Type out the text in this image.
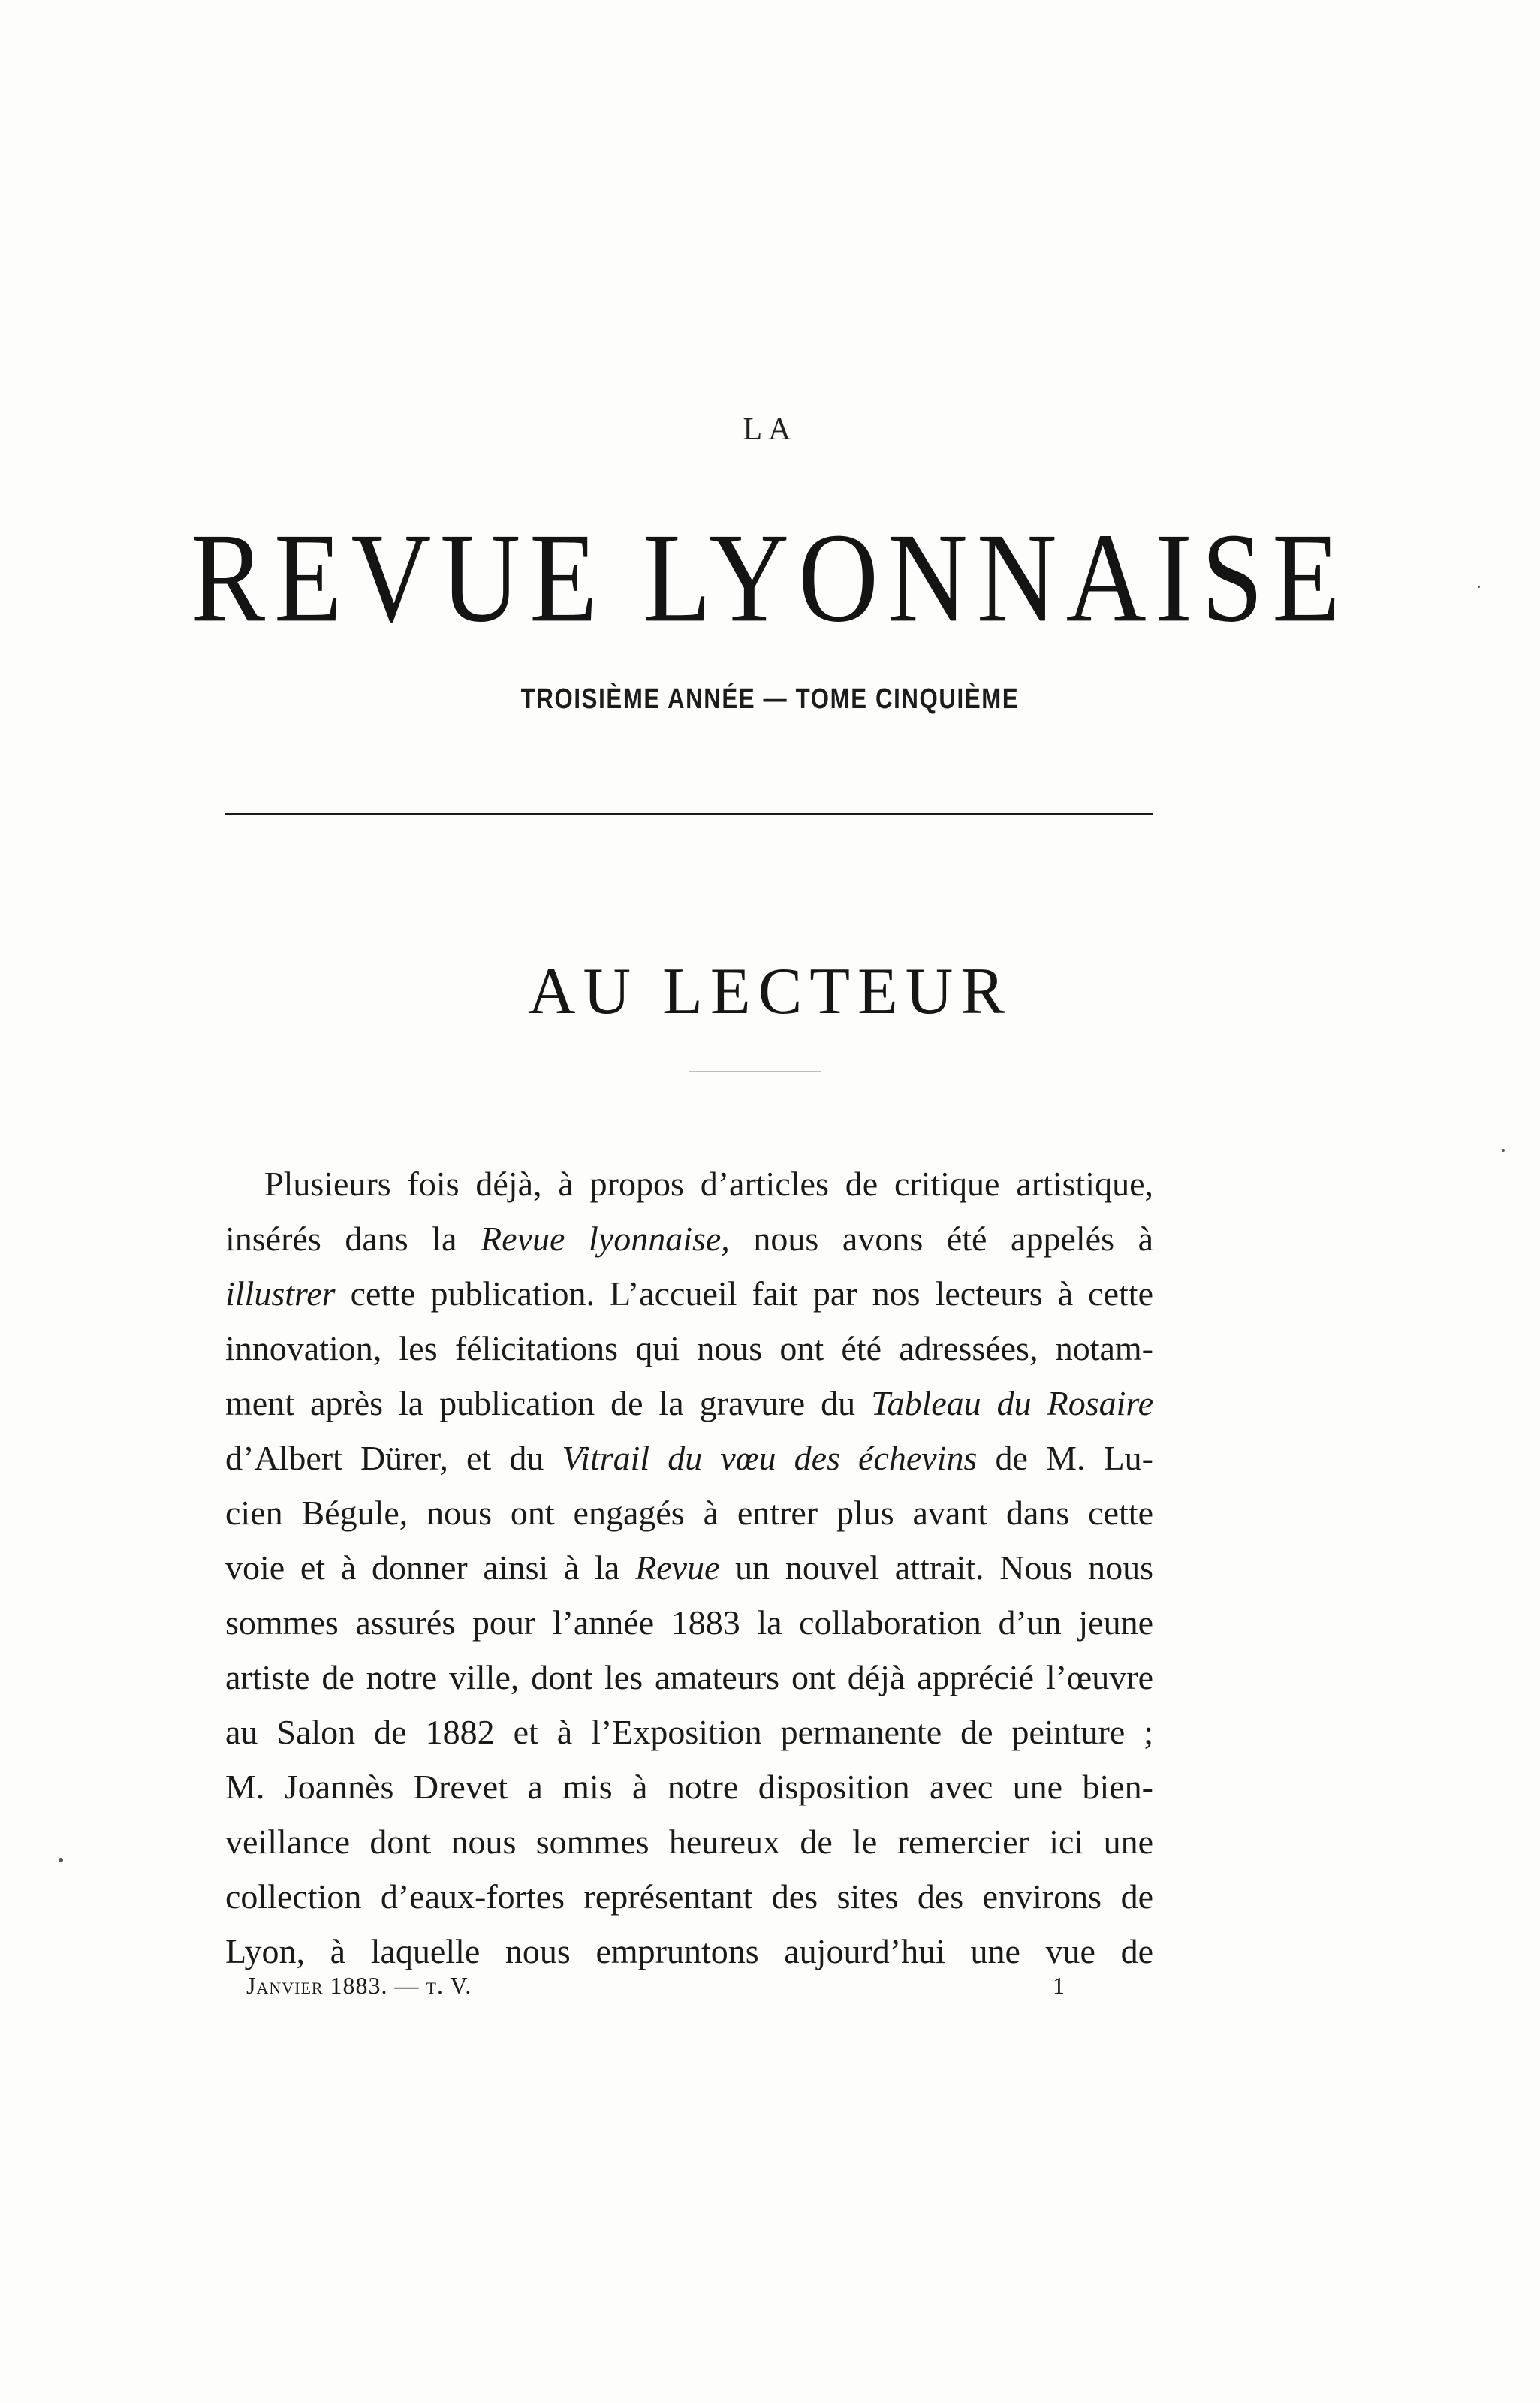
LA
REVUE LYONNAISE
TROISIÈME ANNÉE — TOME CINQUIÈME
AU LECTEUR
Plusieurs fois déjà, à propos d’articles de critique artistique,
insérés dans la Revue lyonnaise, nous avons été appelés à
illustrer cette publication. L’accueil fait par nos lecteurs à cette
innovation, les félicitations qui nous ont été adressées, notam-
ment après la publication de la gravure du Tableau du Rosaire
d’Albert Dürer, et du Vitrail du vœu des échevins de M. Lu-
cien Bégule, nous ont engagés à entrer plus avant dans cette
voie et à donner ainsi à la Revue un nouvel attrait. Nous nous
sommes assurés pour l’année 1883 la collaboration d’un jeune
artiste de notre ville, dont les amateurs ont déjà apprécié l’œuvre
au Salon de 1882 et à l’Exposition permanente de peinture ;
M. Joannès Drevet a mis à notre disposition avec une bien-
veillance dont nous sommes heureux de le remercier ici une
collection d’eaux-fortes représentant des sites des environs de
Lyon, à laquelle nous empruntons aujourd’hui une vue de
Janvier 1883. — t. V.	1
